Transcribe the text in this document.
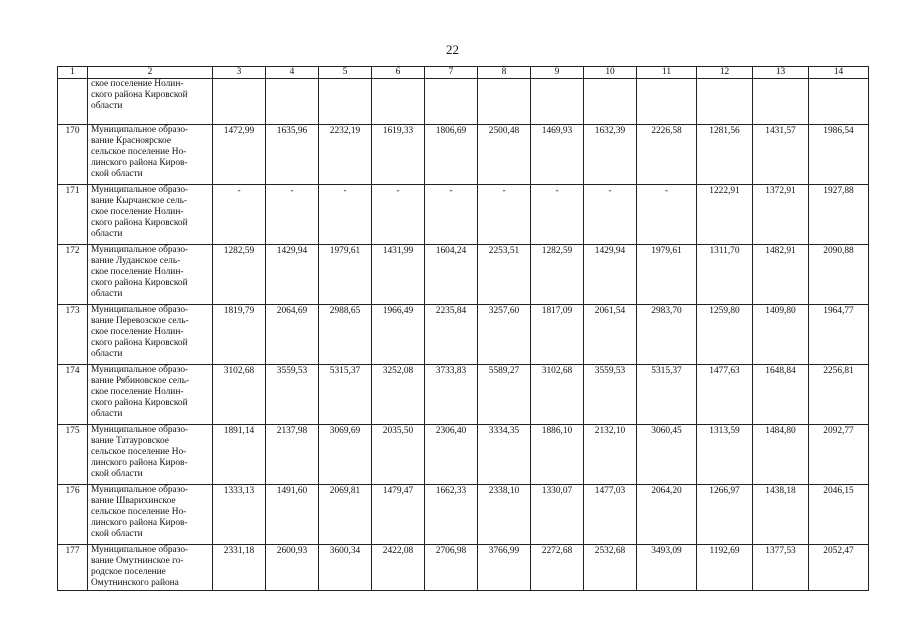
22
1	2	3	4	5	6	7	8	9	10	11	12	13	14
	ское поселение Нолин-
ского района Кировской
области												
170	Муниципальное образо-
вание Красноярское
сельское поселение Но-
линского района Киров-
ской области	1472,99	1635,96	2232,19	1619,33	1806,69	2500,48	1469,93	1632,39	2226,58	1281,56	1431,57	1986,54
171	Муниципальное образо-
вание Кырчанское сель-
ское поселение Нолин-
ского района Кировской
области	-	-	-	-	-	-	-	-	-	1222,91	1372,91	1927,88
172	Муниципальное образо-
вание Луданское сель-
ское поселение Нолин-
ского района Кировской
области	1282,59	1429,94	1979,61	1431,99	1604,24	2253,51	1282,59	1429,94	1979,61	1311,70	1482,91	2090,88
173	Муниципальное образо-
вание Перевозское сель-
ское поселение Нолин-
ского района Кировской
области	1819,79	2064,69	2988,65	1966,49	2235,84	3257,60	1817,09	2061,54	2983,70	1259,80	1409,80	1964,77
174	Муниципальное образо-
вание Рябиновское сель-
ское поселение Нолин-
ского района Кировской
области	3102,68	3559,53	5315,37	3252,08	3733,83	5589,27	3102,68	3559,53	5315,37	1477,63	1648,84	2256,81
175	Муниципальное образо-
вание Татауровское
сельское поселение Но-
линского района Киров-
ской области	1891,14	2137,98	3069,69	2035,50	2306,40	3334,35	1886,10	2132,10	3060,45	1313,59	1484,80	2092,77
176	Муниципальное образо-
вание Швариxинское
сельское поселение Но-
линского района Киров-
ской области	1333,13	1491,60	2069,81	1479,47	1662,33	2338,10	1330,07	1477,03	2064,20	1266,97	1438,18	2046,15
177	Муниципальное образо-
вание Омутнинское го-
родское поселение
Омутнинского района	2331,18	2600,93	3600,34	2422,08	2706,98	3766,99	2272,68	2532,68	3493,09	1192,69	1377,53	2052,47
